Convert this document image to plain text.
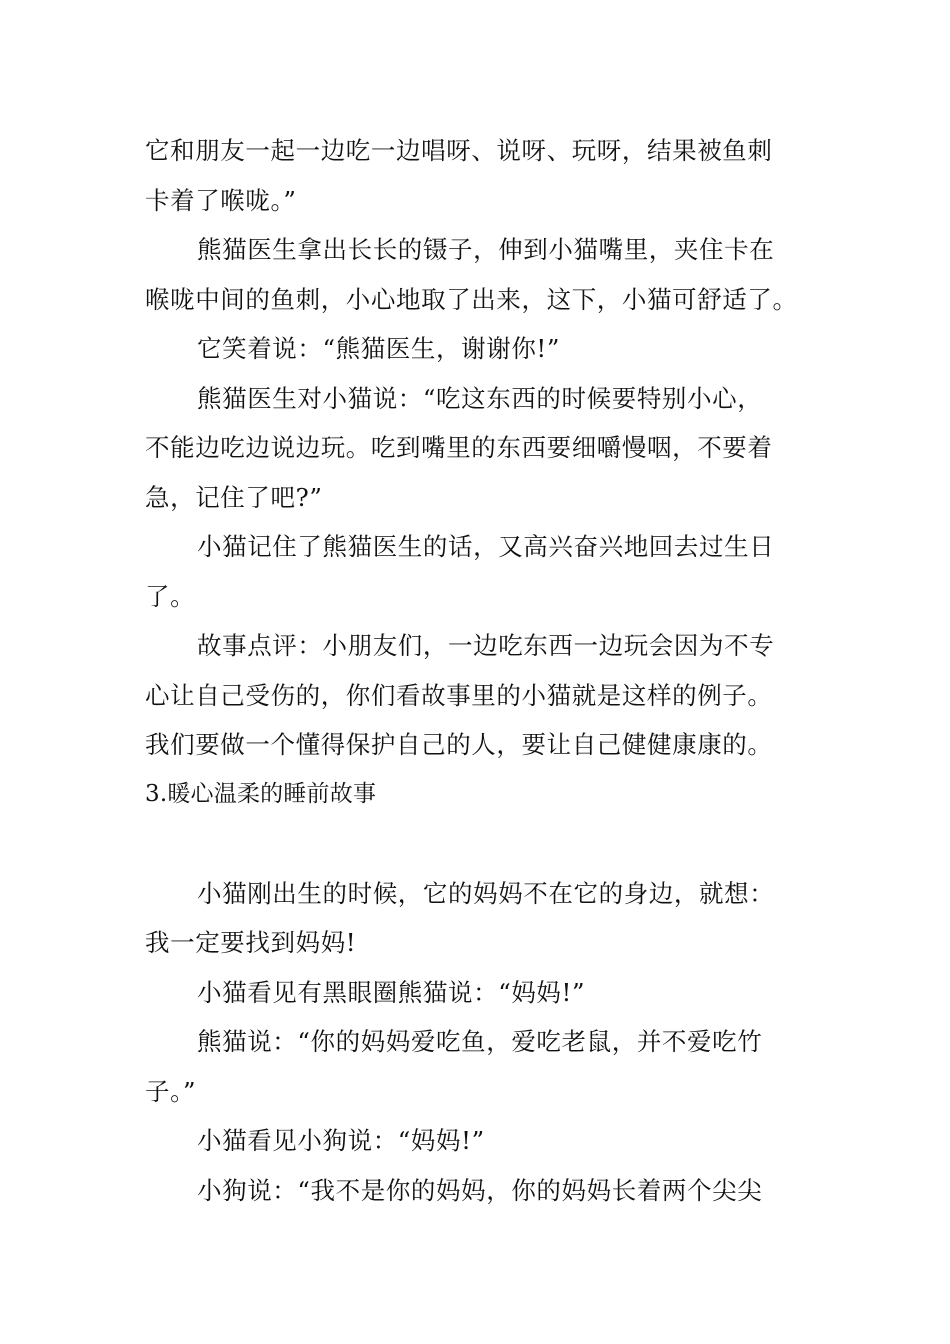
它和朋友一起一边吃一边唱呀、说呀、玩呀，结果被鱼刺
卡着了喉咙。”
熊猫医生拿出长长的镊子，伸到小猫嘴里，夹住卡在
喉咙中间的鱼刺，小心地取了出来，这下，小猫可舒适了。
它笑着说：“熊猫医生，谢谢你!”
熊猫医生对小猫说：“吃这东西的时候要特别小心，
不能边吃边说边玩。吃到嘴里的东西要细嚼慢咽，不要着
急，记住了吧?”
小猫记住了熊猫医生的话，又高兴奋兴地回去过生日
了。
故事点评：小朋友们，一边吃东西一边玩会因为不专
心让自己受伤的，你们看故事里的小猫就是这样的例子。
我们要做一个懂得保护自己的人，要让自己健健康康的。
3.暖心温柔的睡前故事
小猫刚出生的时候，它的妈妈不在它的身边，就想：
我一定要找到妈妈!
小猫看见有黑眼圈熊猫说：“妈妈!”
熊猫说：“你的妈妈爱吃鱼，爱吃老鼠，并不爱吃竹
子。”
小猫看见小狗说：“妈妈!”
小狗说：“我不是你的妈妈，你的妈妈长着两个尖尖
